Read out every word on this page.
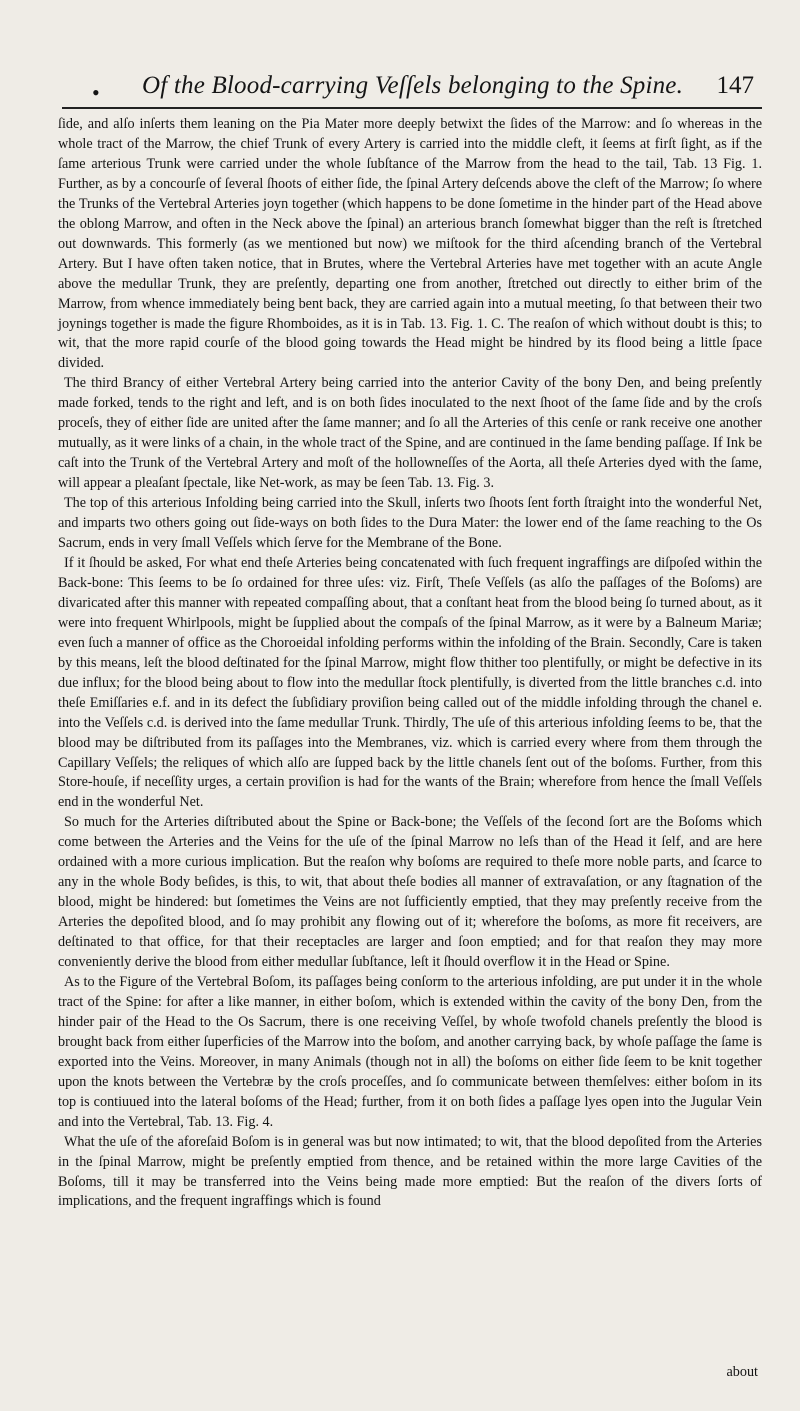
• Of the Blood-carrying Veſſels belonging to the Spine. 147

ſide, and alſo inſerts them leaning on the Pia Mater more deeply betwixt the ſides of the Marrow: and ſo whereas in the whole tract of the Marrow, the chief Trunk of every Artery is carried into the middle cleft, it ſeems at firſt ſight, as if the ſame arterious Trunk were carried under the whole ſubſtance of the Marrow from the head to the tail, Tab. 13 Fig. 1. Further, as by a concourſe of ſeveral ſhoots of either ſide, the ſpinal Artery deſcends above the cleft of the Marrow; ſo where the Trunks of the Vertebral Arteries joyn together (which happens to be done ſometime in the hinder part of the Head above the oblong Marrow, and often in the Neck above the ſpinal) an arterious branch ſomewhat bigger than the reſt is ſtretched out downwards. This formerly (as we mentioned but now) we miſtook for the third aſcending branch of the Vertebral Artery. But I have often taken notice, that in Brutes, where the Vertebral Arteries have met together with an acute Angle above the medullar Trunk, they are preſently, departing one from another, ſtretched out directly to either brim of the Marrow, from whence immediately being bent back, they are carried again into a mutual meeting, ſo that between their two joynings together is made the figure Rhomboides, as it is in Tab. 13. Fig. 1. C. The reaſon of which without doubt is this; to wit, that the more rapid courſe of the blood going towards the Head might be hindred by its flood being a little ſpace divided.

The third Brancy of either Vertebral Artery being carried into the anterior Cavity of the bony Den, and being preſently made forked, tends to the right and left, and is on both ſides inoculated to the next ſhoot of the ſame ſide and by the croſs proceſs, they of either ſide are united after the ſame manner; and ſo all the Arteries of this cenſe or rank receive one another mutually, as it were links of a chain, in the whole tract of the Spine, and are continued in the ſame bending paſſage. If Ink be caſt into the Trunk of the Vertebral Artery and moſt of the hollowneſſes of the Aorta, all theſe Arteries dyed with the ſame, will appear a pleaſant ſpectale, like Net-work, as may be ſeen Tab. 13. Fig. 3.

The top of this arterious Infolding being carried into the Skull, inſerts two ſhoots ſent forth ſtraight into the wonderful Net, and imparts two others going out ſide-ways on both ſides to the Dura Mater: the lower end of the ſame reaching to the Os Sacrum, ends in very ſmall Veſſels which ſerve for the Membrane of the Bone.

If it ſhould be asked, For what end theſe Arteries being concatenated with ſuch frequent ingraffings are diſpoſed within the Back-bone: This ſeems to be ſo ordained for three uſes: viz. Firſt, Theſe Veſſels (as alſo the paſſages of the Boſoms) are divaricated after this manner with repeated compaſſing about, that a conſtant heat from the blood being ſo turned about, as it were into frequent Whirlpools, might be ſupplied about the compaſs of the ſpinal Marrow, as it were by a Balneum Mariæ; even ſuch a manner of office as the Choroeidal infolding performs within the infolding of the Brain. Secondly, Care is taken by this means, leſt the blood deſtinated for the ſpinal Marrow, might flow thither too plentifully, or might be defective in its due influx; for the blood being about to flow into the medullar ſtock plentifully, is diverted from the little branches c.d. into theſe Emiſſaries e.f. and in its defect the ſubſidiary proviſion being called out of the middle infolding through the chanel e. into the Veſſels c.d. is derived into the ſame medullar Trunk. Thirdly, The uſe of this arterious infolding ſeems to be, that the blood may be diſtributed from its paſſages into the Membranes, viz. which is carried every where from them through the Capillary Veſſels; the reliques of which alſo are ſupped back by the little chanels ſent out of the boſoms. Further, from this Store-houſe, if neceſſity urges, a certain proviſion is had for the wants of the Brain; wherefore from hence the ſmall Veſſels end in the wonderful Net.

So much for the Arteries diſtributed about the Spine or Back-bone; the Veſſels of the ſecond ſort are the Boſoms which come between the Arteries and the Veins for the uſe of the ſpinal Marrow no leſs than of the Head it ſelf, and are here ordained with a more curious implication. But the reaſon why boſoms are required to theſe more noble parts, and ſcarce to any in the whole Body beſides, is this, to wit, that about theſe bodies all manner of extravaſation, or any ſtagnation of the blood, might be hindered: but ſometimes the Veins are not ſufficiently emptied, that they may preſently receive from the Arteries the depoſited blood, and ſo may prohibit any flowing out of it; wherefore the boſoms, as more fit receivers, are deſtinated to that office, for that their receptacles are larger and ſoon emptied; and for that reaſon they may more conveniently derive the blood from either medullar ſubſtance, leſt it ſhould overflow it in the Head or Spine.

As to the Figure of the Vertebral Boſom, its paſſages being conſorm to the arterious infolding, are put under it in the whole tract of the Spine: for after a like manner, in either boſom, which is extended within the cavity of the bony Den, from the hinder pair of the Head to the Os Sacrum, there is one receiving Veſſel, by whoſe twofold chanels preſently the blood is brought back from either ſuperficies of the Marrow into the boſom, and another carrying back, by whoſe paſſage the ſame is exported into the Veins. Moreover, in many Animals (though not in all) the boſoms on either ſide ſeem to be knit together upon the knots between the Vertebræ by the croſs proceſſes, and ſo communicate between themſelves: either boſom in its top is contiuued into the lateral boſoms of the Head; further, from it on both ſides a paſſage lyes open into the Jugular Vein and into the Vertebral, Tab. 13. Fig. 4.

What the uſe of the aforeſaid Boſom is in general was but now intimated; to wit, that the blood depoſited from the Arteries in the ſpinal Marrow, might be preſently emptied from thence, and be retained within the more large Cavities of the Boſoms, till it may be transferred into the Veins being made more emptied: But the reaſon of the divers ſorts of implications, and the frequent ingraffings which is found

about
